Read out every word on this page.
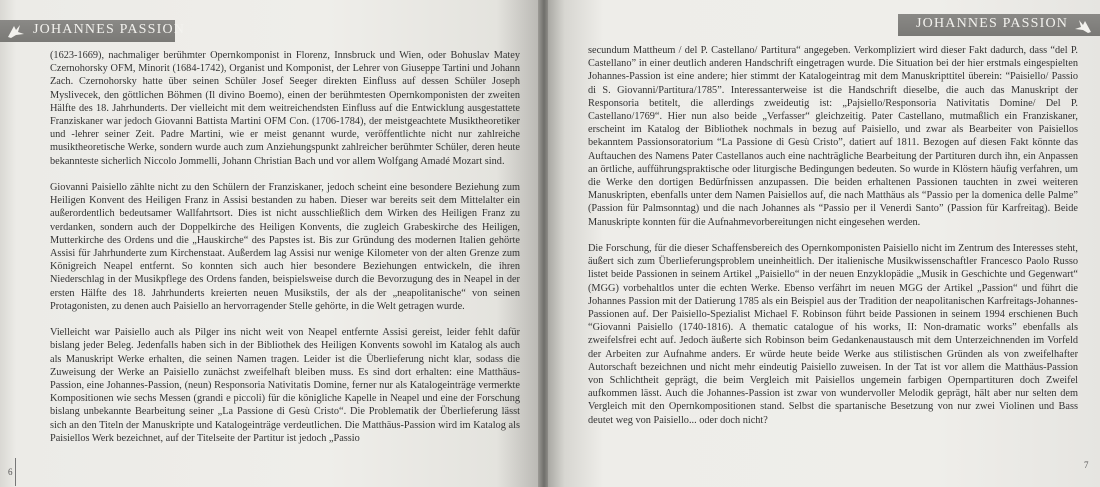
JOHANNES PASSION

(1623-1669), nachmaliger berühmter Opernkomponist in Florenz, Innsbruck und Wien, oder Bohuslav Matey Czernohorsky OFM, Minorit (1684-1742), Organist und Komponist, der Lehrer von Giuseppe Tartini und Johann Zach. Czernohorsky hatte über seinen Schüler Josef Seeger direkten Einfluss auf dessen Schüler Joseph Myslivecek, den göttlichen Böhmen (Il divino Boemo), einen der berühmtesten Opernkomponisten der zweiten Hälfte des 18. Jahrhunderts. Der vielleicht mit dem weitreichendsten Einfluss auf die Entwicklung ausgestattete Franziskaner war jedoch Giovanni Battista Martini OFM Con. (1706-1784), der meistgeachtete Musiktheoretiker und -lehrer seiner Zeit. Padre Martini, wie er meist genannt wurde, veröffentlichte nicht nur zahlreiche musiktheoretische Werke, sondern wurde auch zum Anziehungspunkt zahlreicher berühmter Schüler, deren heute bekannteste sicherlich Niccolo Jommelli, Johann Christian Bach und vor allem Wolfgang Amadé Mozart sind.

Giovanni Paisiello zählte nicht zu den Schülern der Franziskaner, jedoch scheint eine besondere Beziehung zum Heiligen Konvent des Heiligen Franz in Assisi bestanden zu haben. Dieser war bereits seit dem Mittelalter ein außerordentlich bedeutsamer Wallfahrtsort. Dies ist nicht ausschließlich dem Wirken des Heiligen Franz zu verdanken, sondern auch der Doppelkirche des Heiligen Konvents, die zugleich Grabeskirche des Heiligen, Mutterkirche des Ordens und die „Hauskirche“ des Papstes ist. Bis zur Gründung des modernen Italien gehörte Assisi für Jahrhunderte zum Kirchenstaat. Außerdem lag Assisi nur wenige Kilometer von der alten Grenze zum Königreich Neapel entfernt. So konnten sich auch hier besondere Beziehungen entwickeln, die ihren Niederschlag in der Musikpflege des Ordens fanden, beispielsweise durch die Bevorzugung des in Neapel in der ersten Hälfte des 18. Jahrhunderts kreierten neuen Musikstils, der als der „neapolitanische“ von seinen Protagonisten, zu denen auch Paisiello an hervorragender Stelle gehörte, in die Welt getragen wurde.

Vielleicht war Paisiello auch als Pilger ins nicht weit von Neapel entfernte Assisi gereist, leider fehlt dafür bislang jeder Beleg. Jedenfalls haben sich in der Bibliothek des Heiligen Konvents sowohl im Katalog als auch als Manuskript Werke erhalten, die seinen Namen tragen. Leider ist die Überlieferung nicht klar, sodass die Zuweisung der Werke an Paisiello zunächst zweifelhaft bleiben muss. Es sind dort erhalten: eine Matthäus-Passion, eine Johannes-Passion, (neun) Responsoria Nativitatis Domine, ferner nur als Katalogeinträge vermerkte Kompositionen wie sechs Messen (grandi e piccoli) für die königliche Kapelle in Neapel und eine der Forschung bislang unbekannte Bearbeitung seiner „La Passione di Gesù Cristo“. Die Problematik der Überlieferung lässt sich an den Titeln der Manuskripte und Katalogeinträge verdeutlichen. Die Matthäus-Passion wird im Katalog als Paisiellos Werk bezeichnet, auf der Titelseite der Partitur ist jedoch „Passio

6
JOHANNES PASSION

secundum Mattheum / del P. Castellano/ Partitura“ angegeben. Verkompliziert wird dieser Fakt dadurch, dass “del P. Castellano” in einer deutlich anderen Handschrift eingetragen wurde. Die Situation bei der hier erstmals eingespielten Johannes-Passion ist eine andere; hier stimmt der Katalogeintrag mit dem Manuskripttitel überein: “Paisiello/ Passio di S. Giovanni/Partitura/1785”. Interessanterweise ist die Handschrift dieselbe, die auch das Manuskript der Responsoria betitelt, die allerdings zweideutig ist: „Pajsiello/Responsoria Nativitatis Domine/ Del P. Castellano/1769“. Hier nun also beide „Verfasser“ gleichzeitig. Pater Castellano, mutmaßlich ein Franziskaner, erscheint im Katalog der Bibliothek nochmals in bezug auf Paisiello, und zwar als Bearbeiter von Paisiellos bekanntem Passionsoratorium “La Passione di Gesù Cristo”, datiert auf 1811. Bezogen auf diesen Fakt könnte das Auftauchen des Namens Pater Castellanos auch eine nachträgliche Bearbeitung der Partituren durch ihn, ein Anpassen an örtliche, aufführungspraktische oder liturgische Bedingungen bedeuten. So wurde in Klöstern häufig verfahren, um die Werke den dortigen Bedürfnissen anzupassen. Die beiden erhaltenen Passionen tauchten in zwei weiteren Manuskripten, ebenfalls unter dem Namen Paisiellos auf, die nach Matthäus als “Passio per la domenica delle Palme” (Passion für Palmsonntag) und die nach Johannes als “Passio per il Venerdì Santo” (Passion für Karfreitag). Beide Manuskripte konnten für die Aufnahmevorbereitungen nicht eingesehen werden.

Die Forschung, für die dieser Schaffensbereich des Opernkomponisten Paisiello nicht im Zentrum des Interesses steht, äußert sich zum Überlieferungsproblem uneinheitlich. Der italienische Musikwissenschaftler Francesco Paolo Russo listet beide Passionen in seinem Artikel „Paisiello“ in der neuen Enzyklopädie „Musik in Geschichte und Gegenwart“ (MGG) vorbehaltlos unter die echten Werke. Ebenso verfährt im neuen MGG der Artikel „Passion“ und führt die Johannes Passion mit der Datierung 1785 als ein Beispiel aus der Tradition der neapolitanischen Karfreitags-Johannes-Passionen auf. Der Paisiello-Spezialist Michael F. Robinson führt beide Passionen in seinem 1994 erschienen Buch “Giovanni Paisiello (1740-1816). A thematic catalogue of his works, II: Non-dramatic works” ebenfalls als zweifelsfrei echt auf. Jedoch äußerte sich Robinson beim Gedankenaustausch mit dem Unterzeichnenden im Vorfeld der Arbeiten zur Aufnahme anders. Er würde heute beide Werke aus stilistischen Gründen als von zweifelhafter Autorschaft bezeichnen und nicht mehr eindeutig Paisiello zuweisen. In der Tat ist vor allem die Matthäus-Passion von Schlichtheit geprägt, die beim Vergleich mit Paisiellos ungemein farbigen Opernpartituren doch Zweifel aufkommen lässt. Auch die Johannes-Passion ist zwar von wundervoller Melodik geprägt, hält aber nur selten dem Vergleich mit den Opernkompositionen stand. Selbst die spartanische Besetzung von nur zwei Violinen und Bass deutet weg von Paisiello... oder doch nicht?

7
